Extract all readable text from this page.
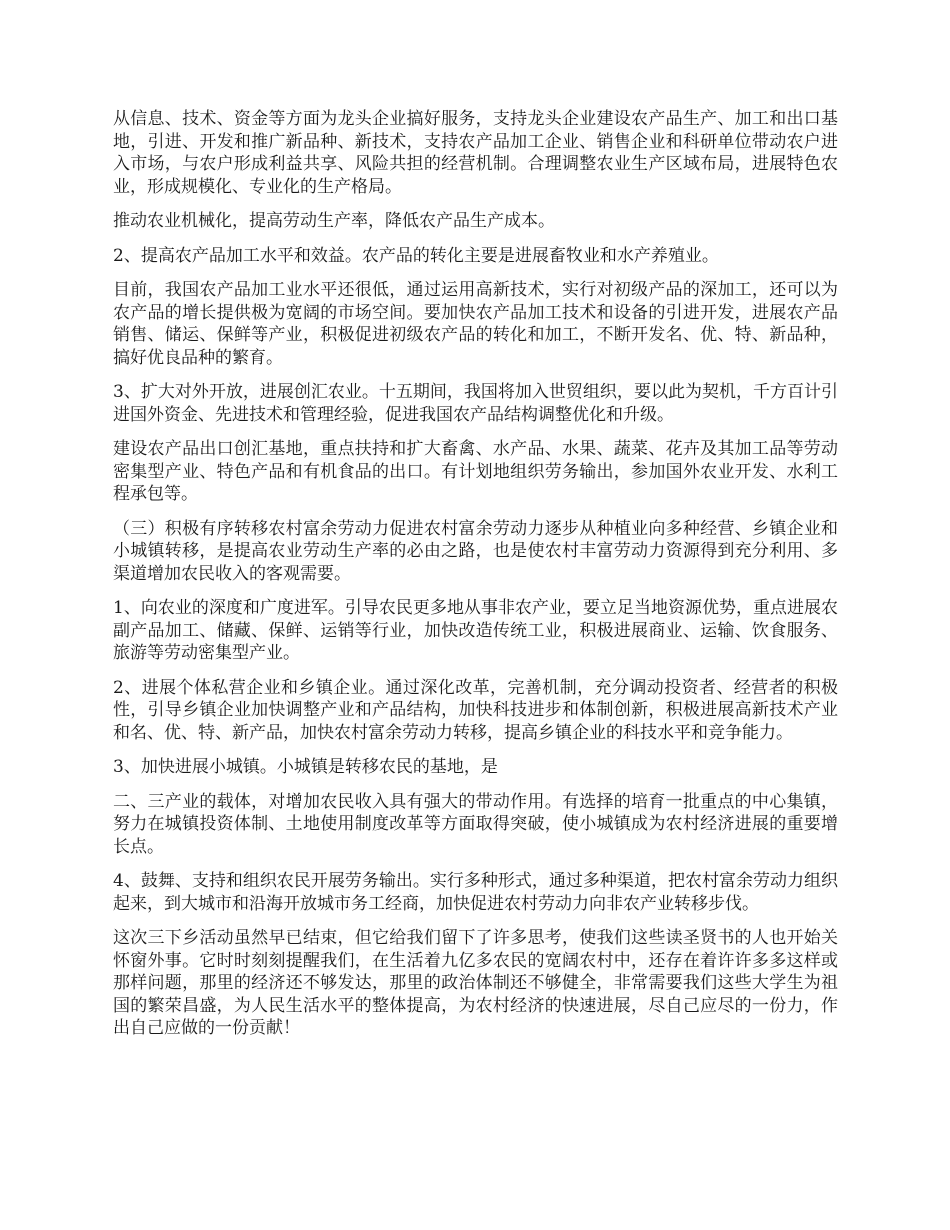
从信息、技术、资金等方面为龙头企业搞好服务，支持龙头企业建设农产品生产、加工和出口基地，引进、开发和推广新品种、新技术，支持农产品加工企业、销售企业和科研单位带动农户进入市场，与农户形成利益共享、风险共担的经营机制。合理调整农业生产区域布局，进展特色农业，形成规模化、专业化的生产格局。

推动农业机械化，提高劳动生产率，降低农产品生产成本。

2、提高农产品加工水平和效益。农产品的转化主要是进展畜牧业和水产养殖业。

目前，我国农产品加工业水平还很低，通过运用高新技术，实行对初级产品的深加工，还可以为农产品的增长提供极为宽阔的市场空间。要加快农产品加工技术和设备的引进开发，进展农产品销售、储运、保鲜等产业，积极促进初级农产品的转化和加工，不断开发名、优、特、新品种，搞好优良品种的繁育。

3、扩大对外开放，进展创汇农业。十五期间，我国将加入世贸组织，要以此为契机，千方百计引进国外资金、先进技术和管理经验，促进我国农产品结构调整优化和升级。

建设农产品出口创汇基地，重点扶持和扩大畜禽、水产品、水果、蔬菜、花卉及其加工品等劳动密集型产业、特色产品和有机食品的出口。有计划地组织劳务输出，参加国外农业开发、水利工程承包等。

（三）积极有序转移农村富余劳动力促进农村富余劳动力逐步从种植业向多种经营、乡镇企业和小城镇转移，是提高农业劳动生产率的必由之路，也是使农村丰富劳动力资源得到充分利用、多渠道增加农民收入的客观需要。

1、向农业的深度和广度进军。引导农民更多地从事非农产业，要立足当地资源优势，重点进展农副产品加工、储藏、保鲜、运销等行业，加快改造传统工业，积极进展商业、运输、饮食服务、旅游等劳动密集型产业。

2、进展个体私营企业和乡镇企业。通过深化改革，完善机制，充分调动投资者、经营者的积极性，引导乡镇企业加快调整产业和产品结构，加快科技进步和体制创新，积极进展高新技术产业和名、优、特、新产品，加快农村富余劳动力转移，提高乡镇企业的科技水平和竞争能力。

3、加快进展小城镇。小城镇是转移农民的基地，是

二、三产业的载体，对增加农民收入具有强大的带动作用。有选择的培育一批重点的中心集镇，努力在城镇投资体制、土地使用制度改革等方面取得突破，使小城镇成为农村经济进展的重要增长点。

4、鼓舞、支持和组织农民开展劳务输出。实行多种形式，通过多种渠道，把农村富余劳动力组织起来，到大城市和沿海开放城市务工经商，加快促进农村劳动力向非农产业转移步伐。

这次三下乡活动虽然早已结束，但它给我们留下了许多思考，使我们这些读圣贤书的人也开始关怀窗外事。它时时刻刻提醒我们，在生活着九亿多农民的宽阔农村中，还存在着许许多多这样或那样问题，那里的经济还不够发达，那里的政治体制还不够健全，非常需要我们这些大学生为祖国的繁荣昌盛，为人民生活水平的整体提高，为农村经济的快速进展，尽自己应尽的一份力，作出自己应做的一份贡献！
